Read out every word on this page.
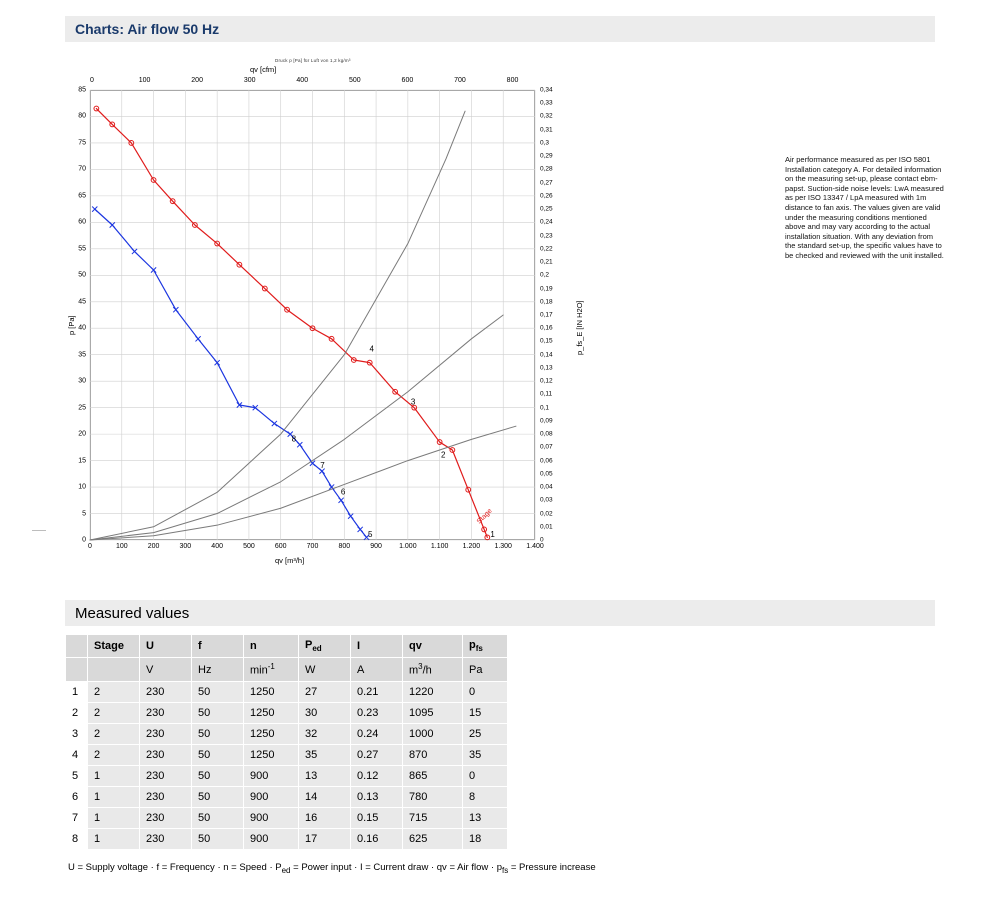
Charts: Air flow 50 Hz
Druck p [Pa] für Luft von 1,2 kg/m³
1
2
3
4
5
6
7
8
Stage
0	100	200	300	400	500	600	700	800	900 1.000 1.100 1.200 1.300 1.400
0	100	200	300	400	500	600	700	800
0
5
10
15
20
25
30
35
40
45
50
55
60
65
70
75
80
85
0
0,01
0,02
0,03
0,04
0,05
0,06
0,07
0,08
0,09
0,1
0,11
0,12
0,13
0,14
0,15
0,16
0,17
0,18
0,19
0,2
0,21
0,22
0,23
0,24
0,25
0,26
0,27
0,28
0,29
0,3
0,31
0,32
0,33
0,34
qv [cfm]
qv [m³/h]
p [Pa]	p_fs_E [IN H2O]
Air performance measured as per ISO 5801 Installation category A. For detailed information on the measuring set-up, please contact ebm-papst. Suction-side noise levels: LwA measured as per ISO 13347 / LpA measured with 1m distance to fan axis. The values given are valid under the measuring conditions mentioned above and may vary according to the actual installation situation. With any deviation from the standard set-up, the specific values have to be checked and reviewed with the unit installed.
Measured values
	Stage	U	f	n	$P_{ed}$	I	qv	$p_{fs}$
		V	Hz	$\min^{-1}$	W	A	$m^3/h$	Pa
1	2	230	50	1250	27	0.21	1220	0
2	2	230	50	1250	30	0.23	1095	15
3	2	230	50	1250	32	0.24	1000	25
4	2	230	50	1250	35	0.27	870	35
5	1	230	50	900	13	0.12	865	0
6	1	230	50	900	14	0.13	780	8
7	1	230	50	900	16	0.15	715	13
8	1	230	50	900	17	0.16	625	18
U = Supply voltage · f = Frequency · n = Speed · $P_{ed}$ = Power input · I = Current draw · qv = Air flow · $p_{fs}$ = Pressure increase
